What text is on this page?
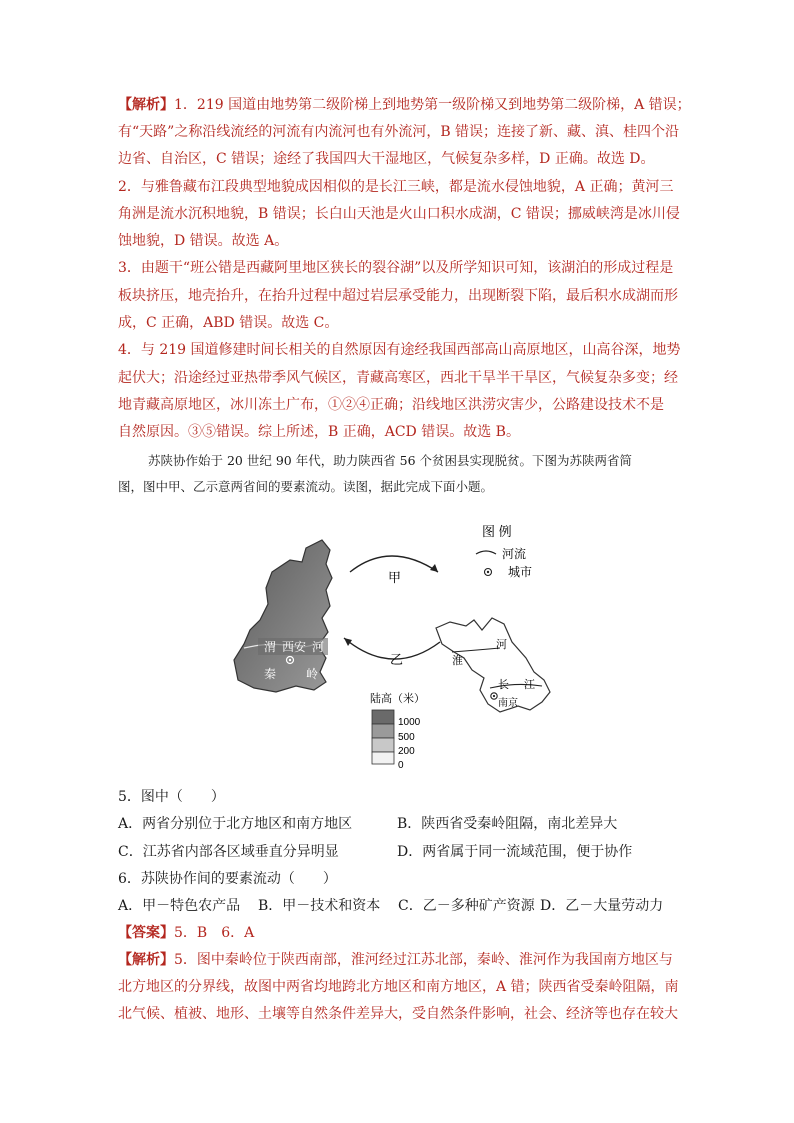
【解析】1．219 国道由地势第二级阶梯上到地势第一级阶梯又到地势第二级阶梯，A 错误；
有“天路”之称沿线流经的河流有内流河也有外流河，B 错误；连接了新、藏、滇、桂四个沿
边省、自治区，C 错误；途经了我国四大干湿地区，气候复杂多样，D 正确。故选 D。
2．与雅鲁藏布江段典型地貌成因相似的是长江三峡，都是流水侵蚀地貌，A 正确；黄河三
角洲是流水沉积地貌，B 错误；长白山天池是火山口积水成湖，C 错误；挪威峡湾是冰川侵
蚀地貌，D 错误。故选 A。
3．由题干“班公错是西藏阿里地区狭长的裂谷湖”以及所学知识可知，该湖泊的形成过程是
板块挤压，地壳抬升，在抬升过程中超过岩层承受能力，出现断裂下陷，最后积水成湖而形
成，C 正确，ABD 错误。故选 C。
4．与 219 国道修建时间长相关的自然原因有途经我国西部高山高原地区，山高谷深，地势
起伏大；沿途经过亚热带季风气候区，青藏高寒区，西北干旱半干旱区，气候复杂多变；经
地青藏高原地区，冰川冻土广布，①②④正确；沿线地区洪涝灾害少，公路建设技术不是
自然原因。③⑤错误。综上所述，B 正确，ACD 错误。故选 B。
苏陕协作始于 20 世纪 90 年代，助力陕西省 56 个贫困县实现脱贫。下图为苏陕两省简
图，图中甲、乙示意两省间的要素流动。读图，据此完成下面小题。
渭 西安 河
秦 岭
甲
乙
图 例
河流
城市
淮
河
长 江
南京
陆高（米）
1000
500
200
0
5．图中（　　）
A．两省分别位于北方地区和南方地区	B．陕西省受秦岭阻隔，南北差异大
C．江苏省内部各区域垂直分异明显	D．两省属于同一流域范围，便于协作
6．苏陕协作间的要素流动（　　）
A．甲－特色农产品 B．甲－技术和资本 C．乙－多种矿产资源 D．乙－大量劳动力
【答案】5．B　6．A
【解析】5．图中秦岭位于陕西南部，淮河经过江苏北部，秦岭、淮河作为我国南方地区与
北方地区的分界线，故图中两省均地跨北方地区和南方地区，A 错；陕西省受秦岭阻隔，南
北气候、植被、地形、土壤等自然条件差异大，受自然条件影响，社会、经济等也存在较大
